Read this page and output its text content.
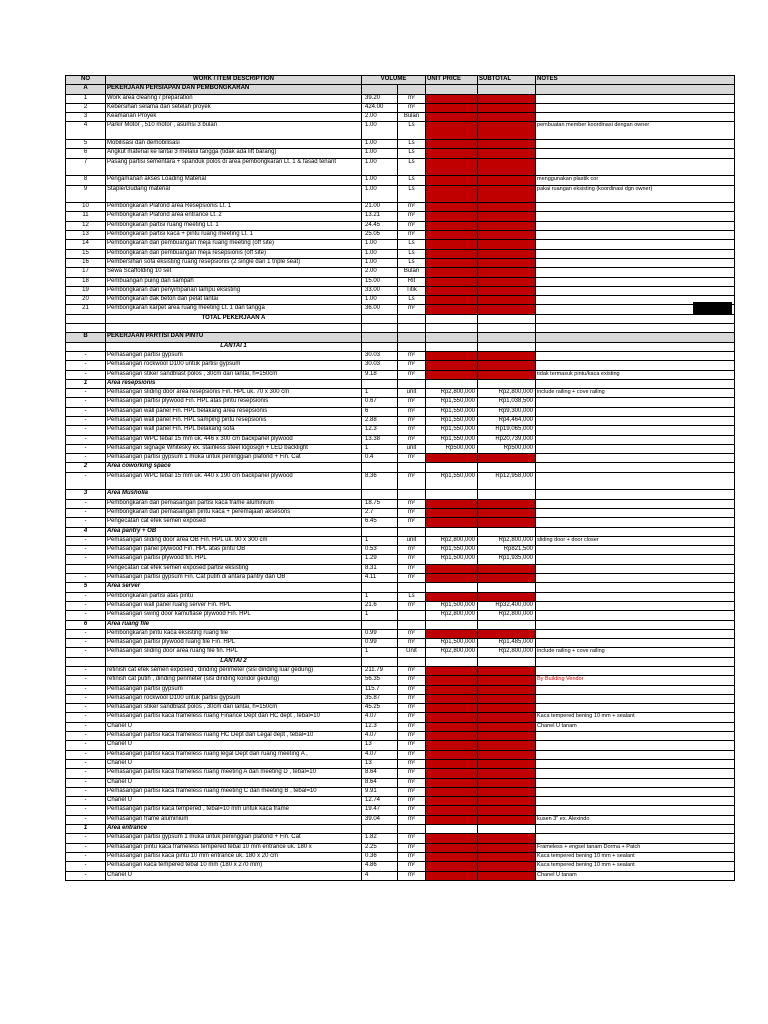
NO	WORK / ITEM DESCRIPTION	VOLUME		UNIT PRICE	SUBTOTAL	NOTES
A	PEKERJAAN PERSIAPAN DAN PEMBONGKARAN					
1	Work area clearing / preparation	39.20	m²			
2	Kebersihan selama dan setelah proyek	424.00	m²			
3	Keamanan Proyek	2.00	Bulan			
4	Parkir Motor , 510 motor , asumsi 3 bulan	1.00	Ls			pembuatan member koordinasi dengan owner
5	Mobilisasi dan demobilisasi	1.00	Ls			
6	Angkut material ke lantai 3 melalui tangga (tidak ada lift barang)	1.00	Ls			
7	Pasang partisi sementara + spanduk polos di area pembongkaran Lt. 1 & fasad tenant	1.00	Ls			
8	Pengamanan akses Loading Material	1.00	Ls			menggunakan plastik cor
9	Staple/Gudang material	1.00	Ls			pakai ruangan eksisting (koordinasi dgn owner)
10	Pembongkaran Plafond area Resepsionis Lt. 1	21.00	m²			
11	Pembongkaran Plafond area entrance Lt. 2	13.21	m²			
12	Pembongkaran partisi ruang meeting Lt. 1	24.45	m²			
13	Pembongkaran partisi kaca + pintu ruang meeting Lt. 1	25.05	m²			
14	Pembongkaran dan pembuangan meja ruang meeting (off site)	1.00	Ls			
15	Pembongkaran dan pembuangan meja resepsionis (off site)	1.00	Ls			
16	Pembersihan sofa eksisting ruang resepsionis (2 single dan 1 triple seat)	1.00	Ls			
17	Sewa Scaffolding 10 set	2.00	Bulan			
18	Pembuangan puing dan sampah	15.00	Rit			
19	Pembongkaran dan penyimpanan lampu eksisting	33.00	Titik			
20	Pembongkaran dak beton dan pelat lantai	1.00	Ls			
21	Pembongkaran karpet area ruang meeting Lt. 1 dan tangga	36.00	m²			
	TOTAL PEKERJAAN A					

B	PEKERJAAN PARTISI DAN PINTU					
	LANTAI 1					
-	Pemasangan partisi gypsum	30.03	m²			
-	Pemasangan rockwool D100 untuk partisi gypsum	30.03	m²			
-	Pemasangan stiker sandblast polos , 30cm dari lantai, h=150cm	9.18	m²			tidak termasuk pintu/kaca existing
1	Area resepsionis					
-	Pemasangan sliding door area resepsionis Fin. HPL uk. 70 x 300 cm	1	unit	Rp2,800,000	Rp2,800,000	include railing + cove railing
-	Pemasangan partisi plywood Fin. HPL atas pintu resepsionis	0.67	m²	Rp1,550,000	Rp1,038,500	
-	Pemasangan wall panel Fin. HPL belakang area resepsionis	6	m²	Rp1,550,000	Rp9,300,000	
-	Pemasangan wall panel Fin. HPL samping pintu resepsionis	2.88	m²	Rp1,550,000	Rp4,464,000	
-	Pemasangan wall panel Fin. HPL belakang sofa	12.3	m²	Rp1,550,000	Rp19,065,000	
-	Pemasangan WPC tebal 15 mm uk. 446 x 300 cm backpanel plywood	13.38	m²	Rp1,550,000	Rp20,739,000	
-	Pemasangan signage Whitesky ex. stainless steel logosign + LED backlight	1	unit	Rp500,000	Rp500,000	
-	Pemasangan partisi gypsum 1 muka untuk peninggian plafond + Fin. Cat	0.4	m²			
2	Area coworking space					
-	Pemasangan WPC tebal 15 mm uk. 440 x 190 cm backpanel plywood	8.36	m²	Rp1,550,000	Rp12,958,000	
3	Area Musholla					
-	Pembongkaran dan pemasangan partisi kaca frame aluminium	18.75	m²			
-	Pembongkaran dan pemasangan pintu kaca + peremajaan aksesoris	2.7	m²			
-	Pengecatan cat efek semen exposed	6.45	m²			
4	Area pantry + OB					
-	Pemasangan sliding door area OB Fin. HPL uk. 90 x 300 cm	1	unit	Rp2,800,000	Rp2,800,000	sliding door + door closer
-	Pemasangan panel plywood Fin. HPL atas pintu OB	0.53	m²	Rp1,550,000	Rp821,500	
-	Pemasangan partisi plywood fin. HPL	1.29	m²	Rp1,500,000	Rp1,935,000	
	Pengecatan cat efek semen exposed partisi eksisting	8.31	m²			
-	Pemasangan partisi gypsum Fin. Cat putih di antara pantry dan OB	4.11	m²			
5	Area server					
-	Pembongkaran partisi atas pintu	1	Ls			
-	Pemasangan wall panel ruang server Fin. HPL	21.6	m²	Rp1,500,000	Rp32,400,000	
-	Pemasangan swing door kamuflase plywood Fin. HPL	1		Rp2,800,000	Rp2,800,000	
6	Area ruang file					
-	Pembongkaran pintu kaca eksisting ruang file	0.99	m²			
-	Pemasangan partisi plywood ruang file Fin. HPL	0.99	m²	Rp1,500,000	Rp1,485,000	
-	Pemasangan sliding door area ruang file fin. HPL	1	Unit	Rp2,800,000	Rp2,800,000	include railing + cove railing
	LANTAI 2					
-	refinish cat efek semen exposed , dinding perimeter (sisi dinding luar gedung)	211.79	m²			
-	refinish cat putih , dinding perimeter (sisi dinding koridor gedung)	56.35	m²			By Building Vendor
-	Pemasangan partisi gypsum	115.7	m²			
-	Pemasangan rockwool D100 untuk partisi gypsum	35.87	m²			
-	Pemasangan stiker sandblast polos , 30cm dari lantai, h=150cm	45.25	m²			
-	Pemasangan partisi kaca frameless ruang Finance Dept dan HC dept , tebal=10	4.07	m²			Kaca tempered bening 10 mm + sealant
-	Chanel U	12.3	m²			Chanel U tanam
-	Pemasangan partisi kaca frameless ruang HC Dept dan Legal dept , tebal=10	4.07	m²			
-	Chanel U	13	m²			
-	Pemasangan partisi kaca frameless ruang legal Dept dan ruang meeting A ,	4.07	m²			
-	Chanel U	13	m²			
-	Pemasangan partisi kaca frameless ruang meeting A dan meeting D , tebal=10	8.64	m²			
-	Chanel U	8.64	m²			
-	Pemasangan partisi kaca frameless ruang meeting C dan meeting B , tebal=10	9.91	m²			
-	Chanel U	12.74	m²			
-	Pemasangan partisi kaca tempered , tebal=10 mm untuk kaca frame	19.47	m²			
-	Pemasangan frame aluminium	39.04	m²			kusen 3" ex. Alexindo
1	Area entrance					
-	Pemasangan partisi gypsum 1 muka untuk peninggian plafond + Fin. Cat	1.82	m²			
-	Pemasangan pintu kaca frameless tempered tebal 10 mm entrance uk. 180 x	2.25	m²			Frameless + engsel tanam Dorma + Patch
-	Pemasangan partisi kaca pintu 10 mm entrance uk. 180 x 20 cm	0.36	m²			Kaca tempered bening 10 mm + sealant
-	Pemasangan kaca tempered tebal 10 mm (180 x 270 mm)	4.86	m²			Kaca tempered bening 10 mm + sealant
-	Chanel U	4	m²			Chanel U tanam
